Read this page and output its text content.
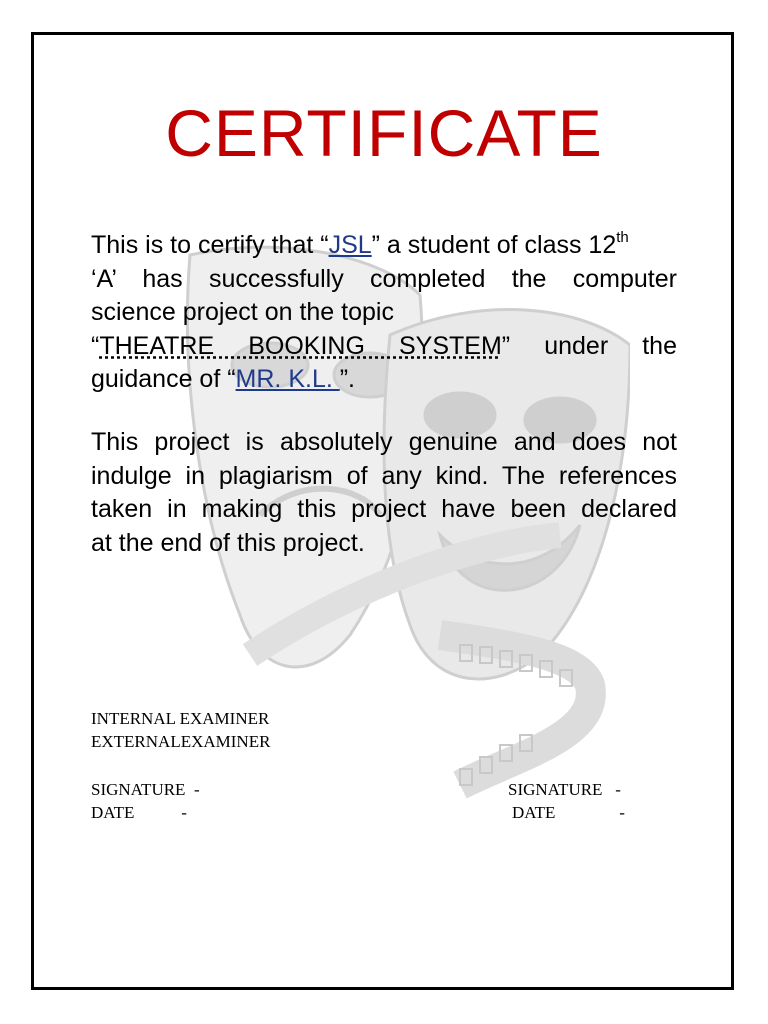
CERTIFICATE

This is to certify that “JSL” a student of class 12th
‘A’ has successfully completed the computer
science project on the topic
“THEATRE BOOKING SYSTEM” under the
guidance of “MR. K.L. ”.

This project is absolutely genuine and does not
indulge in plagiarism of any kind. The references
taken in making this project have been declared
at the end of this project.

INTERNAL EXAMINER

EXTERNALEXAMINER

SIGNATURE  -

DATE           -

SIGNATURE   -

DATE               -
